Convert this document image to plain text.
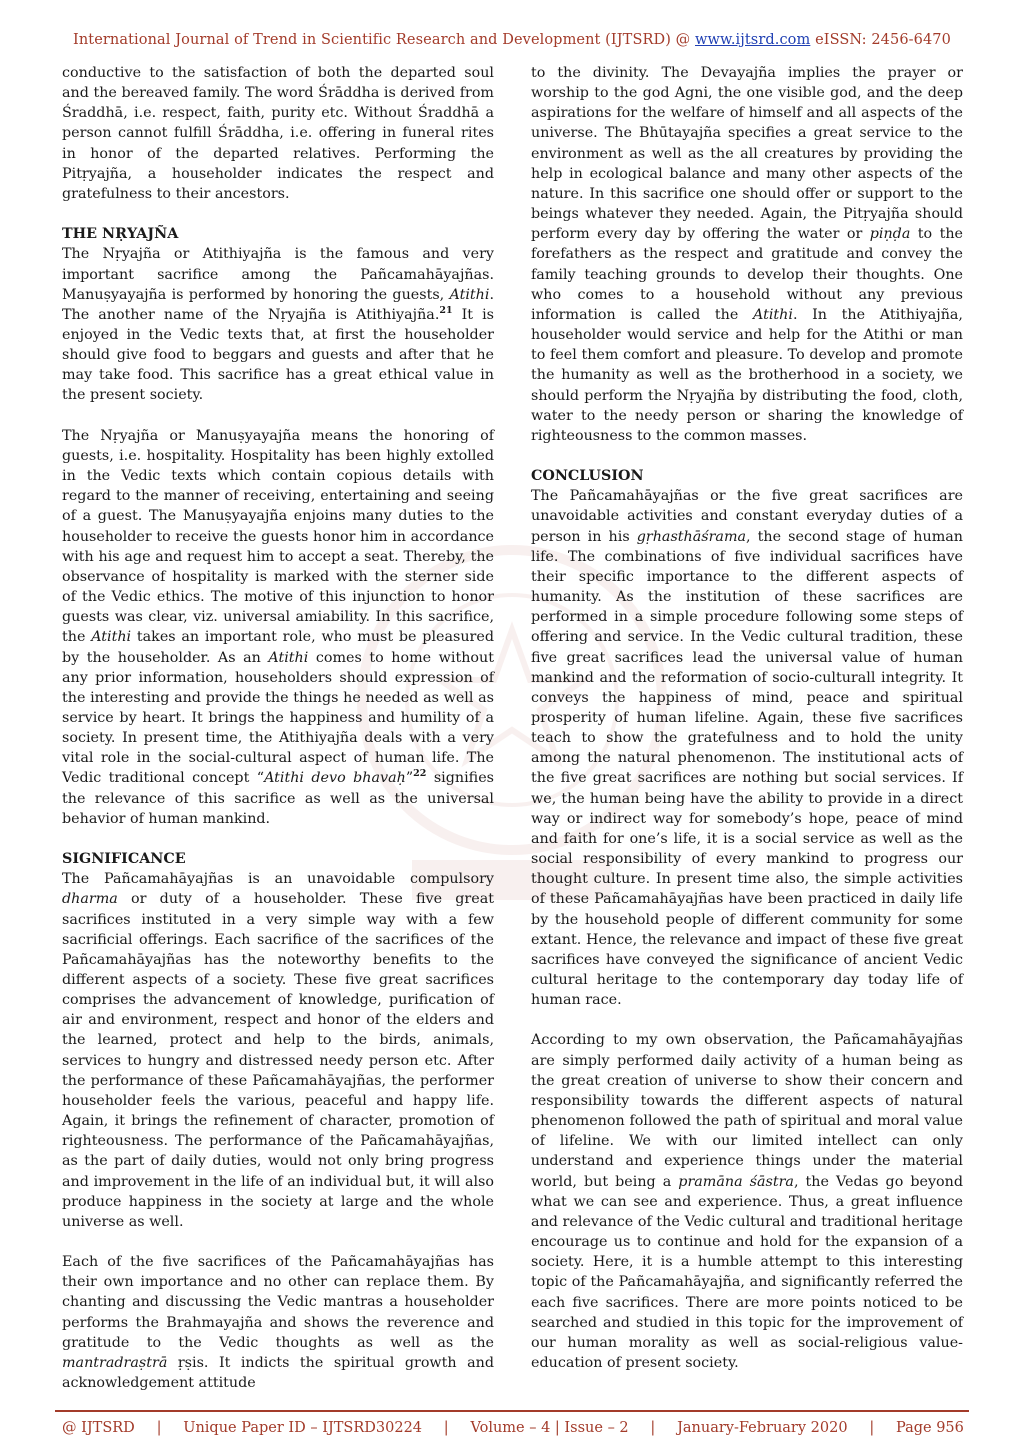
International Journal of Trend in Scientific Research and Development (IJTSRD) @ www.ijtsrd.com eISSN: 2456-6470

conductive to the satisfaction of both the departed soul and the bereaved family. The word Śrāddha is derived from Śraddhā, i.e. respect, faith, purity etc. Without Śraddhā a person cannot fulfill Śrāddha, i.e. offering in funeral rites in honor of the departed relatives. Performing the Pitṛyajña, a householder indicates the respect and gratefulness to their ancestors.

THE NṚYAJÑA

The Nṛyajña or Atithiyajña is the famous and very important sacrifice among the Pañcamahāyajñas. Manuṣyayajña is performed by honoring the guests, Atithi. The another name of the Nṛyajña is Atithiyajña.$^{21}$ It is enjoyed in the Vedic texts that, at first the householder should give food to beggars and guests and after that he may take food. This sacrifice has a great ethical value in the present society.

The Nṛyajña or Manuṣyayajña means the honoring of guests, i.e. hospitality. Hospitality has been highly extolled in the Vedic texts which contain copious details with regard to the manner of receiving, entertaining and seeing of a guest. The Manuṣyayajña enjoins many duties to the householder to receive the guests honor him in accordance with his age and request him to accept a seat. Thereby, the observance of hospitality is marked with the sterner side of the Vedic ethics. The motive of this injunction to honor guests was clear, viz. universal amiability. In this sacrifice, the Atithi takes an important role, who must be pleasured by the householder. As an Atithi comes to home without any prior information, householders should expression of the interesting and provide the things he needed as well as service by heart. It brings the happiness and humility of a society. In present time, the Atithiyajña deals with a very vital role in the social-cultural aspect of human life. The Vedic traditional concept “Atithi devo bhavaḥ”$^{22}$ signifies the relevance of this sacrifice as well as the universal behavior of human mankind.

SIGNIFICANCE

The Pañcamahāyajñas is an unavoidable compulsory dharma or duty of a householder. These five great sacrifices instituted in a very simple way with a few sacrificial offerings. Each sacrifice of the sacrifices of the Pañcamahāyajñas has the noteworthy benefits to the different aspects of a society. These five great sacrifices comprises the advancement of knowledge, purification of air and environment, respect and honor of the elders and the learned, protect and help to the birds, animals, services to hungry and distressed needy person etc. After the performance of these Pañcamahāyajñas, the performer householder feels the various, peaceful and happy life. Again, it brings the refinement of character, promotion of righteousness. The performance of the Pañcamahāyajñas, as the part of daily duties, would not only bring progress and improvement in the life of an individual but, it will also produce happiness in the society at large and the whole universe as well.

Each of the five sacrifices of the Pañcamahāyajñas has their own importance and no other can replace them. By chanting and discussing the Vedic mantras a householder performs the Brahmayajña and shows the reverence and gratitude to the Vedic thoughts as well as the mantradraṣtrā ṛṣis. It indicts the spiritual growth and acknowledgement attitude

to the divinity. The Devayajña implies the prayer or worship to the god Agni, the one visible god, and the deep aspirations for the welfare of himself and all aspects of the universe. The Bhūtayajña specifies a great service to the environment as well as the all creatures by providing the help in ecological balance and many other aspects of the nature. In this sacrifice one should offer or support to the beings whatever they needed. Again, the Pitṛyajña should perform every day by offering the water or piṇḍa to the forefathers as the respect and gratitude and convey the family teaching grounds to develop their thoughts. One who comes to a household without any previous information is called the Atithi. In the Atithiyajña, householder would service and help for the Atithi or man to feel them comfort and pleasure. To develop and promote the humanity as well as the brotherhood in a society, we should perform the Nṛyajña by distributing the food, cloth, water to the needy person or sharing the knowledge of righteousness to the common masses.

CONCLUSION

The Pañcamahāyajñas or the five great sacrifices are unavoidable activities and constant everyday duties of a person in his gṛhasthāśrama, the second stage of human life. The combinations of five individual sacrifices have their specific importance to the different aspects of humanity. As the institution of these sacrifices are performed in a simple procedure following some steps of offering and service. In the Vedic cultural tradition, these five great sacrifices lead the universal value of human mankind and the reformation of socio-culturall integrity. It conveys the happiness of mind, peace and spiritual prosperity of human lifeline. Again, these five sacrifices teach to show the gratefulness and to hold the unity among the natural phenomenon. The institutional acts of the five great sacrifices are nothing but social services. If we, the human being have the ability to provide in a direct way or indirect way for somebody’s hope, peace of mind and faith for one’s life, it is a social service as well as the social responsibility of every mankind to progress our thought culture. In present time also, the simple activities of these Pañcamahāyajñas have been practiced in daily life by the household people of different community for some extant. Hence, the relevance and impact of these five great sacrifices have conveyed the significance of ancient Vedic cultural heritage to the contemporary day today life of human race.

According to my own observation, the Pañcamahāyajñas are simply performed daily activity of a human being as the great creation of universe to show their concern and responsibility towards the different aspects of natural phenomenon followed the path of spiritual and moral value of lifeline. We with our limited intellect can only understand and experience things under the material world, but being a pramāna śāstra, the Vedas go beyond what we can see and experience. Thus, a great influence and relevance of the Vedic cultural and traditional heritage encourage us to continue and hold for the expansion of a society. Here, it is a humble attempt to this interesting topic of the Pañcamahāyajña, and significantly referred the each five sacrifices. There are more points noticed to be searched and studied in this topic for the improvement of our human morality as well as social-religious value-education of present society.

@ IJTSRD | Unique Paper ID – IJTSRD30224 | Volume – 4 | Issue – 2 | January-February 2020 | Page 956
